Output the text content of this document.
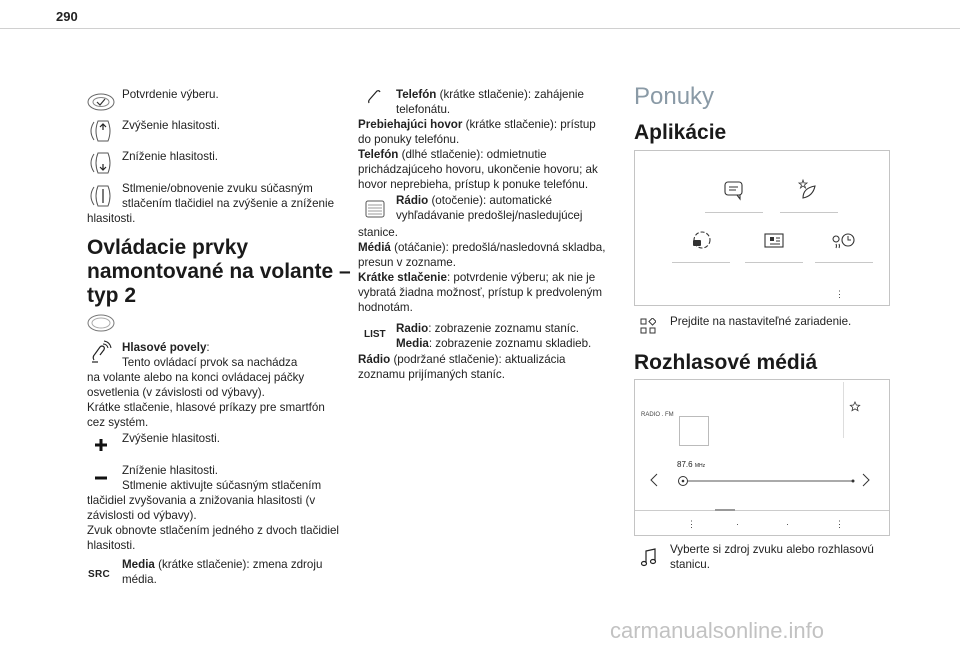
290
Potvrdenie výberu.
Zvýšenie hlasitosti.
Zníženie hlasitosti.
Stlmenie/obnovenie zvuku súčasným
stlačením tlačidiel na zvýšenie a zníženie
hlasitosti.
Ovládacie prvky
namontované na volante –
typ 2
Hlasové povely:
Tento ovládací prvok sa nachádza
na volante alebo na konci ovládacej páčky
osvetlenia (v závislosti od výbavy).
Krátke stlačenie, hlasové príkazy pre smartfón
cez systém.
Zvýšenie hlasitosti.
Zníženie hlasitosti.
Stlmenie aktivujte súčasným stlačením
tlačidiel zvyšovania a znižovania hlasitosti (v
závislosti od výbavy).
Zvuk obnovte stlačením jedného z dvoch tlačidiel
hlasitosti.
SRC
Media (krátke stlačenie): zmena zdroju
média.
Telefón (krátke stlačenie): zahájenie
telefonátu.
Prebiehajúci hovor (krátke stlačenie): prístup
do ponuky telefónu.
Telefón (dlhé stlačenie): odmietnutie
prichádzajúceho hovoru, ukončenie hovoru; ak
hovor neprebieha, prístup k ponuke telefónu.
Rádio (otočenie): automatické
vyhľadávanie predošlej/nasledujúcej
stanice.
Médiá (otáčanie): predošlá/nasledovná skladba,
presun v zozname.
Krátke stlačenie: potvrdenie výberu; ak nie je
vybratá žiadna možnosť, prístup k predvoleným
hodnotám.
LIST Radio: zobrazenie zoznamu staníc.
Media: zobrazenie zoznamu skladieb.
Rádio (podržané stlačenie): aktualizácia
zoznamu prijímaných staníc.
Ponuky
Aplikácie
⋮
Prejdite na nastaviteľné zariadenie.
Rozhlasové médiá
RADIO . FM
87.6 MHz
⋮	·	·	⋮
Vyberte si zdroj zvuku alebo rozhlasovú
stanicu.
carmanualsonline.info
